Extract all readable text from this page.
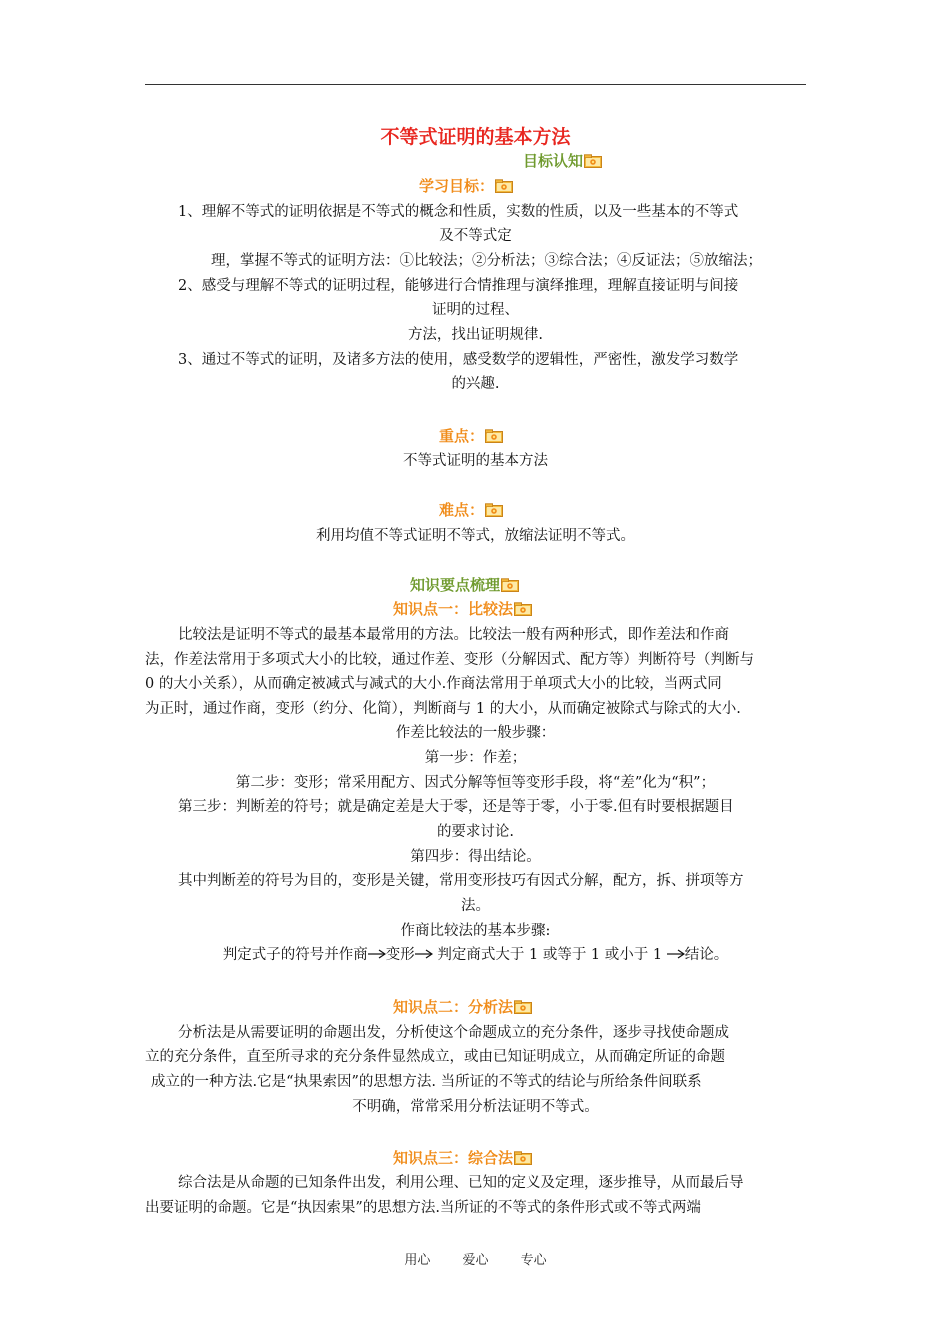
不等式证明的基本方法
目标认知
学习目标：
1、理解不等式的证明依据是不等式的概念和性质，实数的性质，以及一些基本的不等式
及不等式定
理，掌握不等式的证明方法：①比较法；②分析法；③综合法；④反证法；⑤放缩法；
2、感受与理解不等式的证明过程，能够进行合情推理与演绎推理，理解直接证明与间接
证明的过程、
方法，找出证明规律.
3、通过不等式的证明，及诸多方法的使用，感受数学的逻辑性，严密性，激发学习数学
的兴趣.
重点：
不等式证明的基本方法
难点：
利用均值不等式证明不等式，放缩法证明不等式。
知识要点梳理
知识点一：比较法
比较法是证明不等式的最基本最常用的方法。比较法一般有两种形式，即作差法和作商
法，作差法常用于多项式大小的比较，通过作差、变形（分解因式、配方等）判断符号（判断与
0 的大小关系），从而确定被减式与减式的大小.作商法常用于单项式大小的比较，当两式同
为正时，通过作商，变形（约分、化简），判断商与 1 的大小，从而确定被除式与除式的大小.
作差比较法的一般步骤：
第一步：作差；
第二步：变形；常采用配方、因式分解等恒等变形手段，将“差”化为“积”；
第三步：判断差的符号；就是确定差是大于零，还是等于零，小于零.但有时要根据题目
的要求讨论.
第四步：得出结论。
其中判断差的符号为目的，变形是关键，常用变形技巧有因式分解，配方，拆、拼项等方
法。
作商比较法的基本步骤:
判定式子的符号并作商 变形 判定商式大于 1 或等于 1 或小于 1 结论。
知识点二：分析法
分析法是从需要证明的命题出发，分析使这个命题成立的充分条件，逐步寻找使命题成
立的充分条件，直至所寻求的充分条件显然成立，或由已知证明成立，从而确定所证的命题
成立的一种方法.它是“执果索因”的思想方法. 当所证的不等式的结论与所给条件间联系
不明确，常常采用分析法证明不等式。
知识点三：综合法
综合法是从命题的已知条件出发，利用公理、已知的定义及定理，逐步推导，从而最后导
出要证明的命题。它是“执因索果”的思想方法.当所证的不等式的条件形式或不等式两端
用心 爱心 专心
